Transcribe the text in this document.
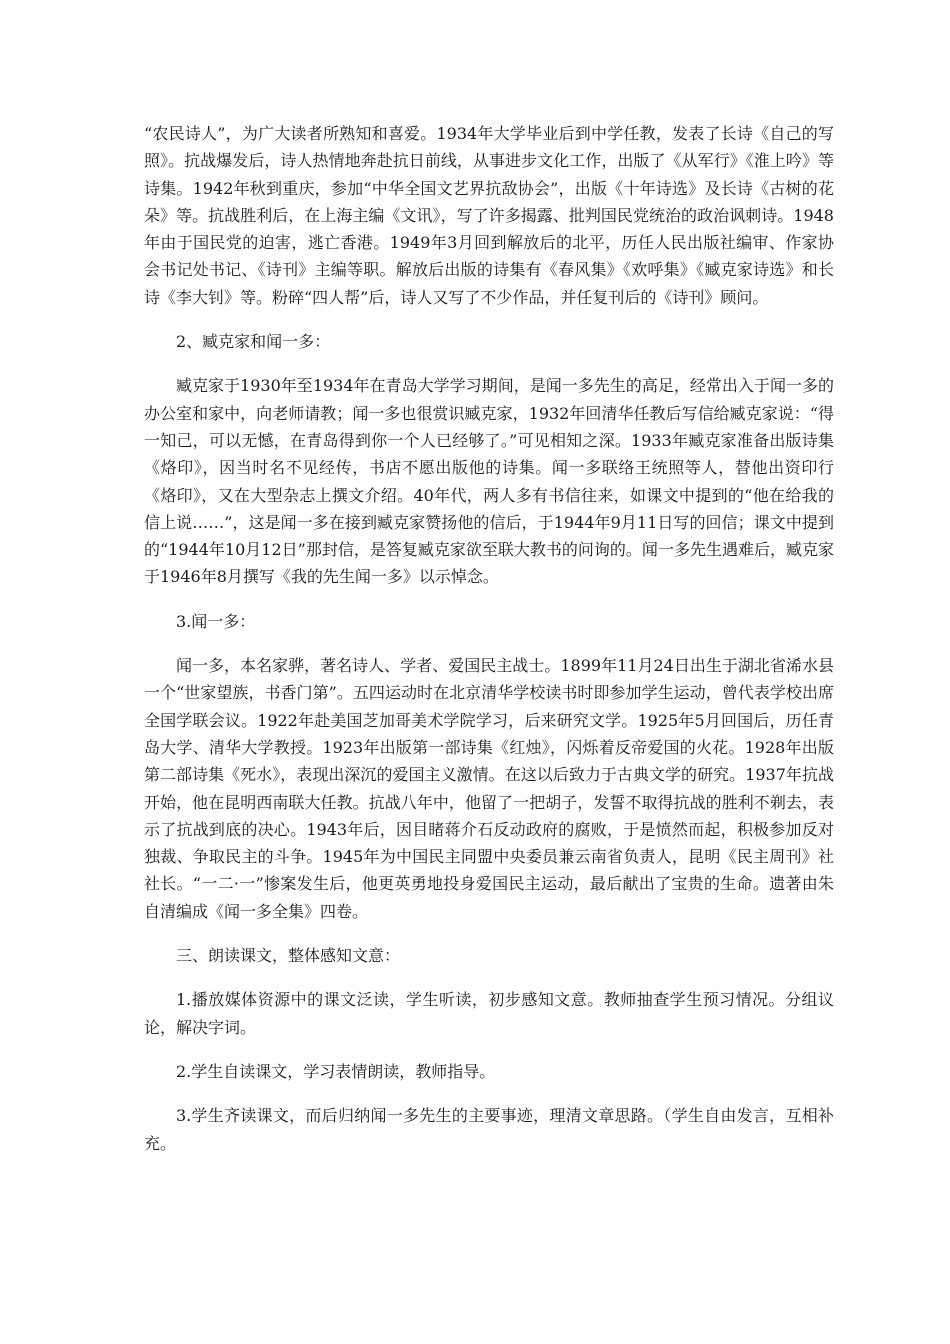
“农民诗人”，为广大读者所熟知和喜爱。1934年大学毕业后到中学任教，发表了长诗《自己的写照》。抗战爆发后，诗人热情地奔赴抗日前线，从事进步文化工作，出版了《从军行》《淮上吟》等诗集。1942年秋到重庆，参加“中华全国文艺界抗敌协会”，出版《十年诗选》及长诗《古树的花朵》等。抗战胜利后，在上海主编《文讯》，写了许多揭露、批判国民党统治的政治讽刺诗。1948年由于国民党的迫害，逃亡香港。1949年3月回到解放后的北平，历任人民出版社编审、作家协会书记处书记、《诗刊》主编等职。解放后出版的诗集有《春风集》《欢呼集》《臧克家诗选》和长诗《李大钊》等。粉碎“四人帮”后，诗人又写了不少作品，并任复刊后的《诗刊》顾问。

2、臧克家和闻一多：

臧克家于1930年至1934年在青岛大学学习期间，是闻一多先生的高足，经常出入于闻一多的办公室和家中，向老师请教；闻一多也很赏识臧克家，1932年回清华任教后写信给臧克家说：“得一知己，可以无憾，在青岛得到你一个人已经够了。”可见相知之深。1933年臧克家准备出版诗集《烙印》，因当时名不见经传，书店不愿出版他的诗集。闻一多联络王统照等人，替他出资印行《烙印》，又在大型杂志上撰文介绍。40年代，两人多有书信往来，如课文中提到的“他在给我的信上说……”，这是闻一多在接到臧克家赞扬他的信后，于1944年9月11日写的回信；课文中提到的“1944年10月12日”那封信，是答复臧克家欲至联大教书的问询的。闻一多先生遇难后，臧克家于1946年8月撰写《我的先生闻一多》以示悼念。

3.闻一多：

闻一多，本名家骅，著名诗人、学者、爱国民主战士。1899年11月24日出生于湖北省浠水县一个“世家望族，书香门第”。五四运动时在北京清华学校读书时即参加学生运动，曾代表学校出席全国学联会议。1922年赴美国芝加哥美术学院学习，后来研究文学。1925年5月回国后，历任青岛大学、清华大学教授。1923年出版第一部诗集《红烛》，闪烁着反帝爱国的火花。1928年出版第二部诗集《死水》，表现出深沉的爱国主义激情。在这以后致力于古典文学的研究。1937年抗战开始，他在昆明西南联大任教。抗战八年中，他留了一把胡子，发誓不取得抗战的胜利不剃去，表示了抗战到底的决心。1943年后，因目睹蒋介石反动政府的腐败，于是愤然而起，积极参加反对独裁、争取民主的斗争。1945年为中国民主同盟中央委员兼云南省负责人，昆明《民主周刊》社社长。“一二·一”惨案发生后，他更英勇地投身爱国民主运动，最后献出了宝贵的生命。遗著由朱自清编成《闻一多全集》四卷。

三、朗读课文，整体感知文意：

1.播放媒体资源中的课文泛读，学生听读，初步感知文意。教师抽查学生预习情况。分组议论，解决字词。

2.学生自读课文，学习表情朗读，教师指导。

3.学生齐读课文，而后归纳闻一多先生的主要事迹，理清文章思路。（学生自由发言，互相补充。
